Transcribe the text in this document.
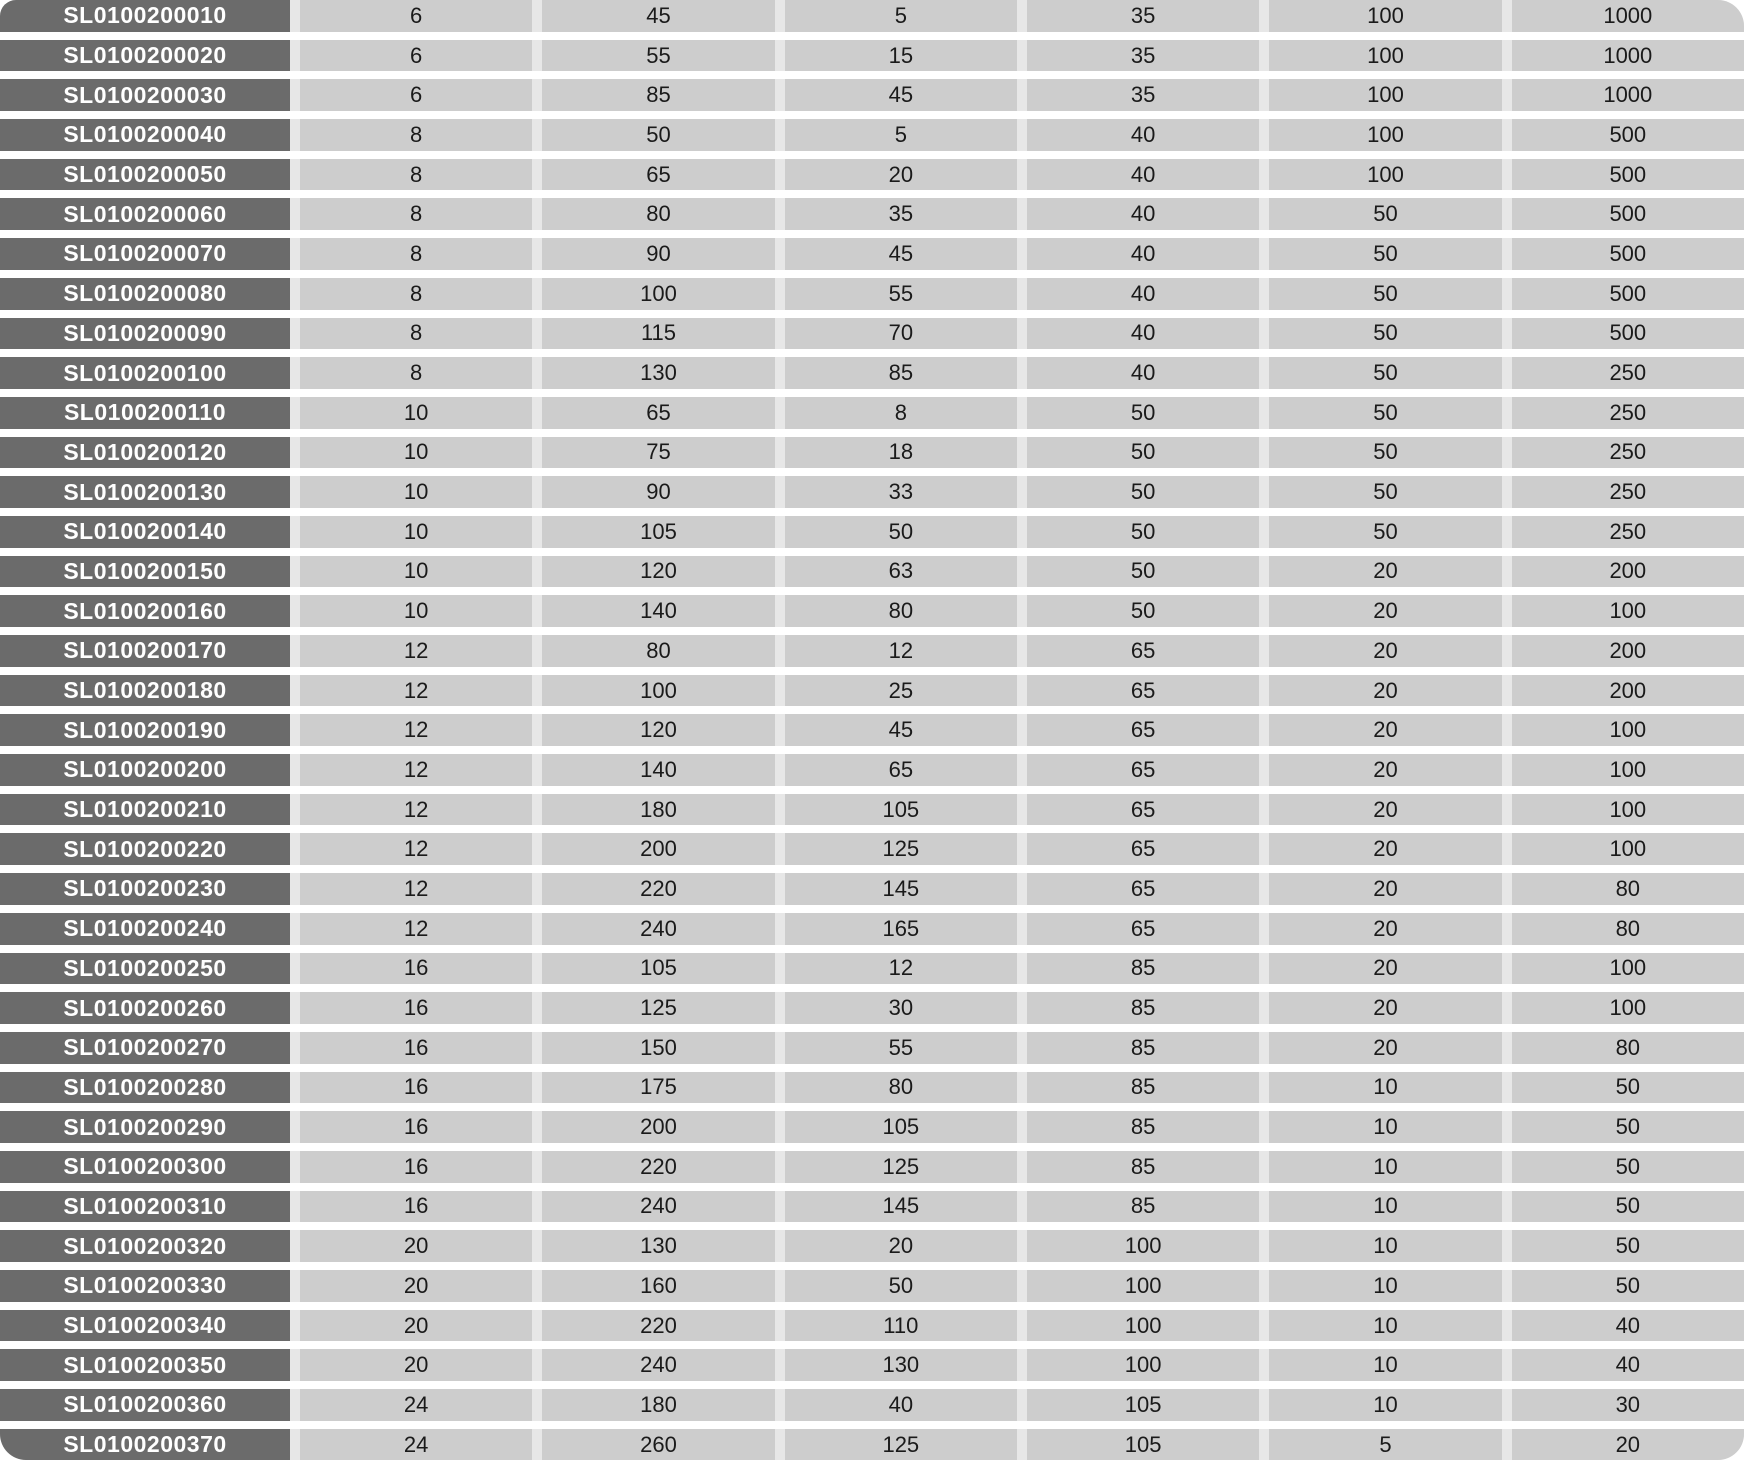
SL0100200010	6	45	5	35	100	1000
SL0100200020	6	55	15	35	100	1000
SL0100200030	6	85	45	35	100	1000
SL0100200040	8	50	5	40	100	500
SL0100200050	8	65	20	40	100	500
SL0100200060	8	80	35	40	50	500
SL0100200070	8	90	45	40	50	500
SL0100200080	8	100	55	40	50	500
SL0100200090	8	115	70	40	50	500
SL0100200100	8	130	85	40	50	250
SL0100200110	10	65	8	50	50	250
SL0100200120	10	75	18	50	50	250
SL0100200130	10	90	33	50	50	250
SL0100200140	10	105	50	50	50	250
SL0100200150	10	120	63	50	20	200
SL0100200160	10	140	80	50	20	100
SL0100200170	12	80	12	65	20	200
SL0100200180	12	100	25	65	20	200
SL0100200190	12	120	45	65	20	100
SL0100200200	12	140	65	65	20	100
SL0100200210	12	180	105	65	20	100
SL0100200220	12	200	125	65	20	100
SL0100200230	12	220	145	65	20	80
SL0100200240	12	240	165	65	20	80
SL0100200250	16	105	12	85	20	100
SL0100200260	16	125	30	85	20	100
SL0100200270	16	150	55	85	20	80
SL0100200280	16	175	80	85	10	50
SL0100200290	16	200	105	85	10	50
SL0100200300	16	220	125	85	10	50
SL0100200310	16	240	145	85	10	50
SL0100200320	20	130	20	100	10	50
SL0100200330	20	160	50	100	10	50
SL0100200340	20	220	110	100	10	40
SL0100200350	20	240	130	100	10	40
SL0100200360	24	180	40	105	10	30
SL0100200370	24	260	125	105	5	20
